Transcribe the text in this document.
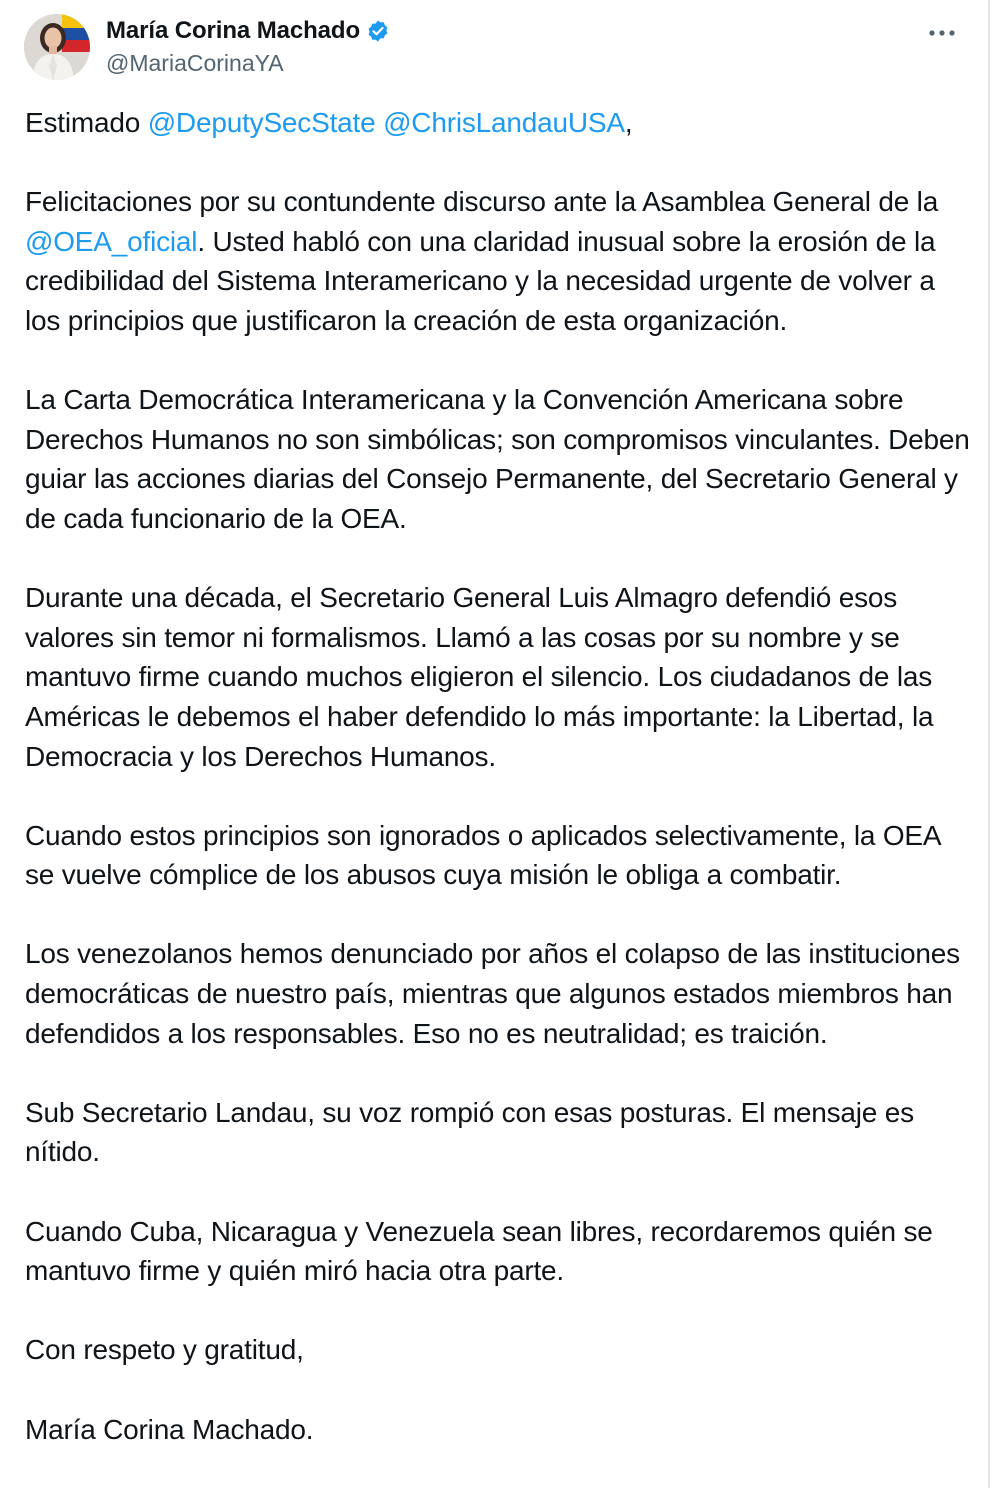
María Corina Machado
@MariaCorinaYA

Estimado @DeputySecState @ChrisLandauUSA,

Felicitaciones por su contundente discurso ante la Asamblea General de la @OEA_oficial. Usted habló con una claridad inusual sobre la erosión de la credibilidad del Sistema Interamericano y la necesidad urgente de volver a los principios que justificaron la creación de esta organización.

La Carta Democrática Interamericana y la Convención Americana sobre Derechos Humanos no son simbólicas; son compromisos vinculantes. Deben guiar las acciones diarias del Consejo Permanente, del Secretario General y de cada funcionario de la OEA.

Durante una década, el Secretario General Luis Almagro defendió esos valores sin temor ni formalismos. Llamó a las cosas por su nombre y se mantuvo firme cuando muchos eligieron el silencio. Los ciudadanos de las Américas le debemos el haber defendido lo más importante: la Libertad, la Democracia y los Derechos Humanos.

Cuando estos principios son ignorados o aplicados selectivamente, la OEA se vuelve cómplice de los abusos cuya misión le obliga a combatir.

Los venezolanos hemos denunciado por años el colapso de las instituciones democráticas de nuestro país, mientras que algunos estados miembros han defendidos a los responsables. Eso no es neutralidad; es traición.

Sub Secretario Landau, su voz rompió con esas posturas. El mensaje es nítido.

Cuando Cuba, Nicaragua y Venezuela sean libres, recordaremos quién se mantuvo firme y quién miró hacia otra parte.

Con respeto y gratitud,

María Corina Machado.
